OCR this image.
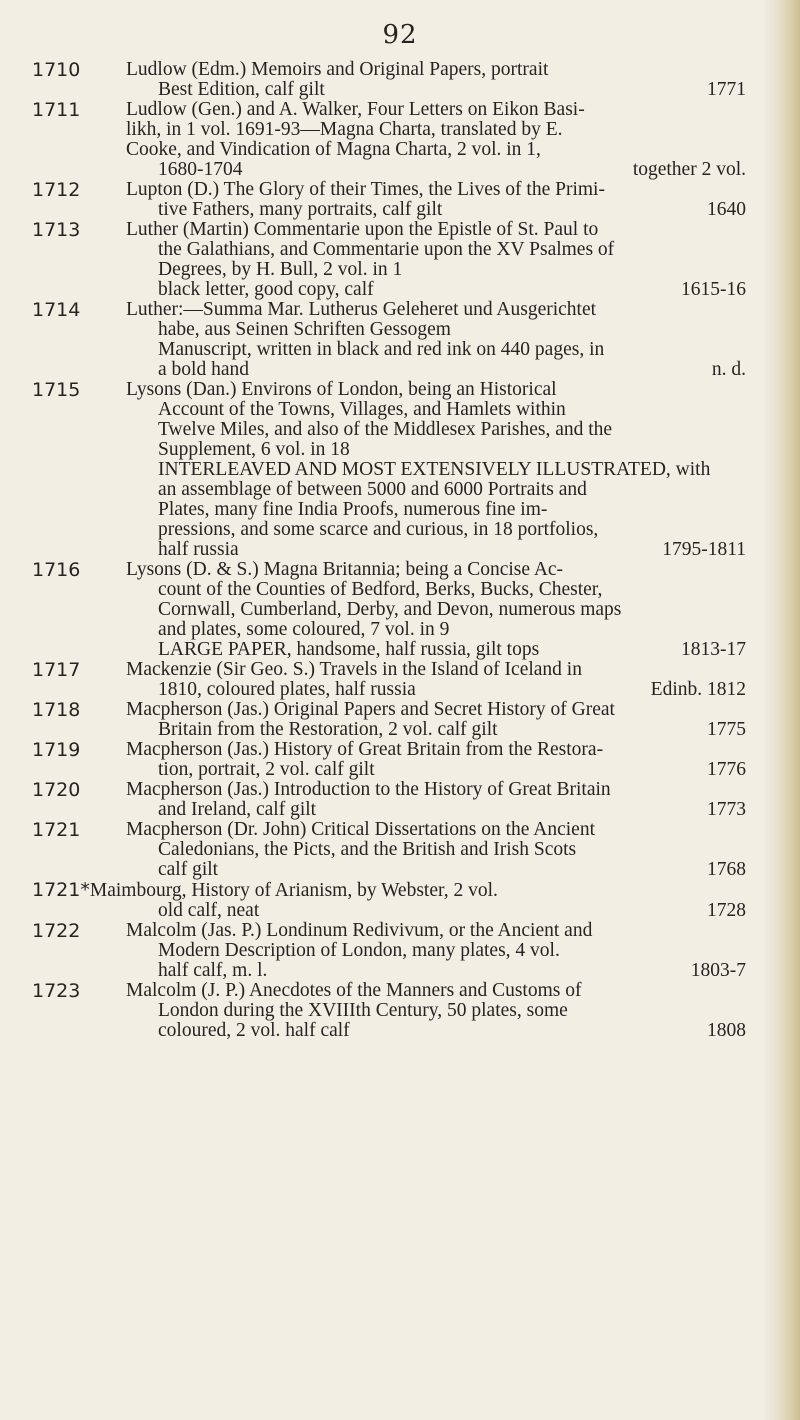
92
1710	Ludlow (Edm.) Memoirs and Original Papers, portrait
Best Edition, calf gilt	1771
1711	Ludlow (Gen.) and A. Walker, Four Letters on Eikon Basi-
likh, in 1 vol. 1691-93—Magna Charta, translated by E.
Cooke, and Vindication of Magna Charta, 2 vol. in 1,
1680-1704	together 2 vol.
1712	Lupton (D.) The Glory of their Times, the Lives of the Primi-
tive Fathers, many portraits, calf gilt	1640
1713	Luther (Martin) Commentarie upon the Epistle of St. Paul to
the Galathians, and Commentarie upon the XV Psalmes of
Degrees, by H. Bull, 2 vol. in 1
black letter, good copy, calf	1615-16
1714	Luther:—Summa Mar. Lutherus Geleheret und Ausgerichtet
habe, aus Seinen Schriften Gessogem
Manuscript, written in black and red ink on 440 pages, in
a bold hand	n. d.
1715	Lysons (Dan.) Environs of London, being an Historical
Account of the Towns, Villages, and Hamlets within
Twelve Miles, and also of the Middlesex Parishes, and the
Supplement, 6 vol. in 18
INTERLEAVED AND MOST EXTENSIVELY ILLUSTRATED, with
an assemblage of between 5000 and 6000 Portraits and
Plates, many fine India Proofs, numerous fine im-
pressions, and some scarce and curious, in 18 portfolios,
half russia	1795-1811
1716	Lysons (D. & S.) Magna Britannia; being a Concise Ac-
count of the Counties of Bedford, Berks, Bucks, Chester,
Cornwall, Cumberland, Derby, and Devon, numerous maps
and plates, some coloured, 7 vol. in 9
LARGE PAPER, handsome, half russia, gilt tops	1813-17
1717	Mackenzie (Sir Geo. S.) Travels in the Island of Iceland in
1810, coloured plates, half russia	Edinb. 1812
1718	Macpherson (Jas.) Original Papers and Secret History of Great
Britain from the Restoration, 2 vol. calf gilt	1775
1719	Macpherson (Jas.) History of Great Britain from the Restora-
tion, portrait, 2 vol. calf gilt	1776
1720	Macpherson (Jas.) Introduction to the History of Great Britain
and Ireland, calf gilt	1773
1721	Macpherson (Dr. John) Critical Dissertations on the Ancient
Caledonians, the Picts, and the British and Irish Scots
calf gilt	1768
1721*Maimbourg, History of Arianism, by Webster, 2 vol.
old calf, neat	1728
1722	Malcolm (Jas. P.) Londinum Redivivum, or the Ancient and
Modern Description of London, many plates, 4 vol.
half calf, m. l.	1803-7
1723	Malcolm (J. P.) Anecdotes of the Manners and Customs of
London during the XVIIIth Century, 50 plates, some
coloured, 2 vol. half calf	1808
